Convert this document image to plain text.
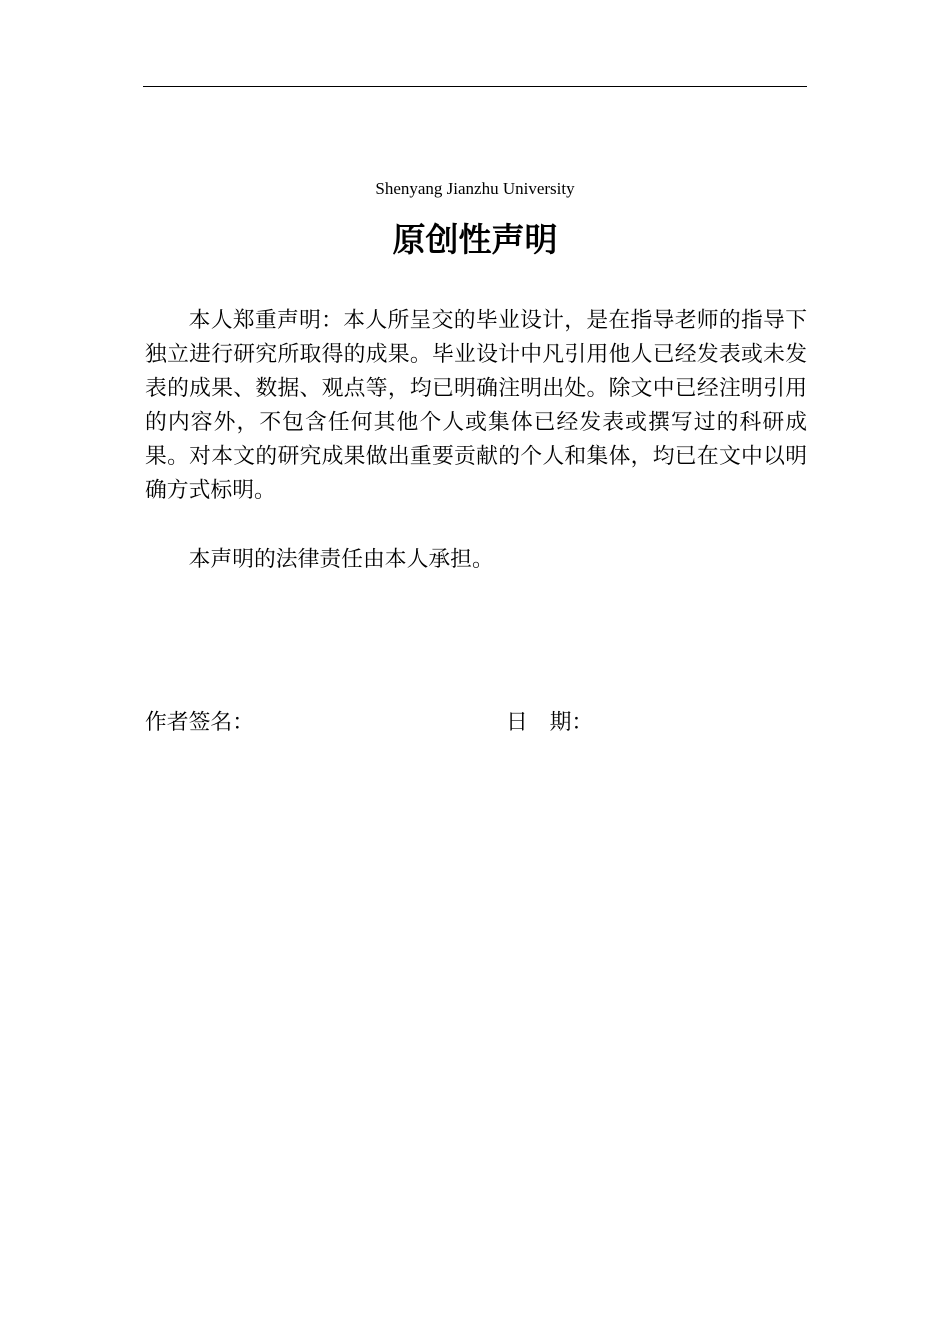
Shenyang Jianzhu University
原创性声明
本人郑重声明：本人所呈交的毕业设计，是在指导老师的指导下独立进行研究所取得的成果。毕业设计中凡引用他人已经发表或未发表的成果、数据、观点等，均已明确注明出处。除文中已经注明引用的内容外，不包含任何其他个人或集体已经发表或撰写过的科研成果。对本文的研究成果做出重要贡献的个人和集体，均已在文中以明确方式标明。
本声明的法律责任由本人承担。
作者签名：	日　期：
